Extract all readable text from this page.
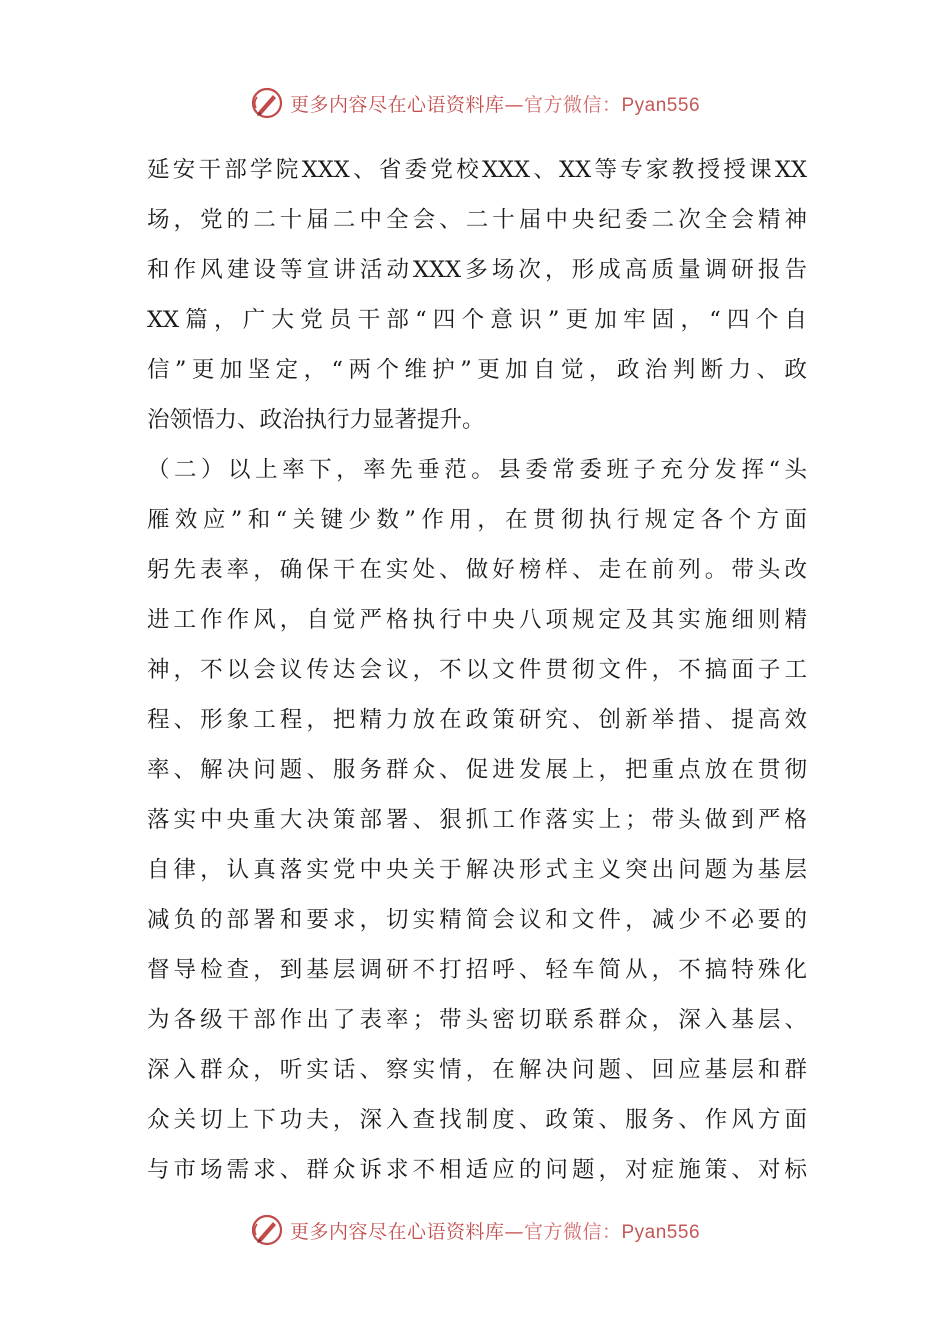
更多内容尽在心语资料库—官方微信：Pyan556
延安干部学院XXX、省委党校XXX、XX等专家教授授课XX
场，党的二十届二中全会、二十届中央纪委二次全会精神
和作风建设等宣讲活动XXX多场次，形成高质量调研报告
XX篇，广大党员干部“四个意识”更加牢固，“四个自
信”更加坚定，“两个维护”更加自觉，政治判断力、政
治领悟力、政治执行力显著提升。
（二）以上率下，率先垂范。县委常委班子充分发挥“头
雁效应”和“关键少数”作用，在贯彻执行规定各个方面
躬先表率，确保干在实处、做好榜样、走在前列。带头改
进工作作风，自觉严格执行中央八项规定及其实施细则精
神，不以会议传达会议，不以文件贯彻文件，不搞面子工
程、形象工程，把精力放在政策研究、创新举措、提高效
率、解决问题、服务群众、促进发展上，把重点放在贯彻
落实中央重大决策部署、狠抓工作落实上；带头做到严格
自律，认真落实党中央关于解决形式主义突出问题为基层
减负的部署和要求，切实精简会议和文件，减少不必要的
督导检查，到基层调研不打招呼、轻车简从，不搞特殊化
为各级干部作出了表率；带头密切联系群众，深入基层、
深入群众，听实话、察实情，在解决问题、回应基层和群
众关切上下功夫，深入查找制度、政策、服务、作风方面
与市场需求、群众诉求不相适应的问题，对症施策、对标
更多内容尽在心语资料库—官方微信：Pyan556
